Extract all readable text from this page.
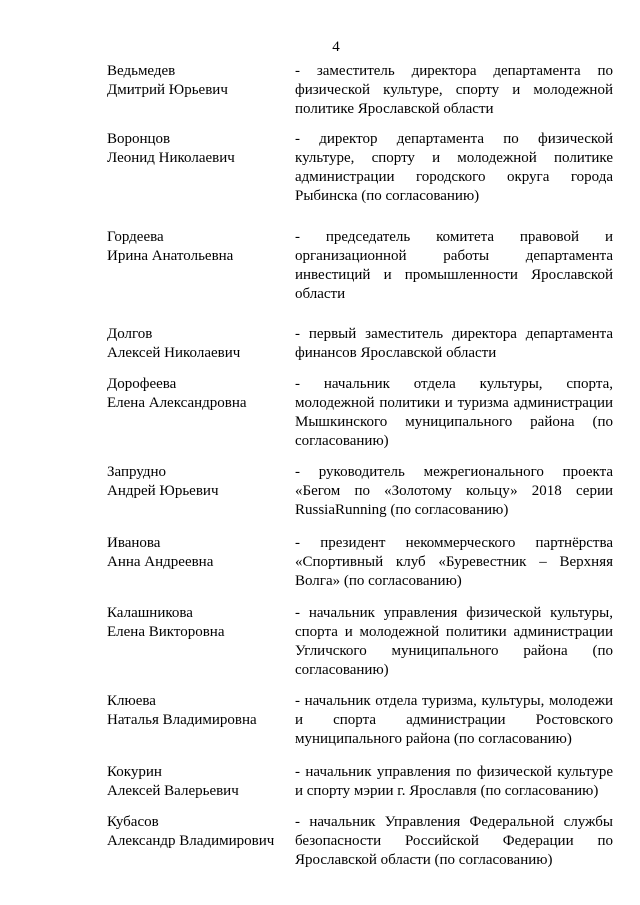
4
Ведьмедев
Дмитрий Юрьевич
- заместитель директора департамента по физической культуре, спорту и молодежной политике Ярославской области
Воронцов
Леонид Николаевич
- директор департамента по физической культуре, спорту и молодежной политике администрации городского округа города Рыбинска (по согласованию)
Гордеева
Ирина Анатольевна
- председатель комитета правовой и организационной работы департамента инвестиций и промышленности Ярославской области
Долгов
Алексей Николаевич
- первый заместитель директора департамента финансов Ярославской области
Дорофеева
Елена Александровна
- начальник отдела культуры, спорта, молодежной политики и туризма администрации Мышкинского муниципального района (по согласованию)
Запрудно
Андрей Юрьевич
- руководитель межрегионального проекта «Бегом по «Золотому кольцу» 2018 серии RussiaRunning (по согласованию)
Иванова
Анна Андреевна
- президент некоммерческого партнёрства «Спортивный клуб «Буревестник – Верхняя Волга» (по согласованию)
Калашникова
Елена Викторовна
- начальник управления физической культуры, спорта и молодежной политики администрации Угличского муниципального района (по согласованию)
Клюева
Наталья Владимировна
- начальник отдела туризма, культуры, молодежи и спорта администрации Ростовского муниципального района (по согласованию)
Кокурин
Алексей Валерьевич
- начальник управления по физической культуре и спорту мэрии г. Ярославля (по согласованию)
Кубасов
Александр Владимирович
- начальник Управления Федеральной службы безопасности Российской Федерации по Ярославской области (по согласованию)
